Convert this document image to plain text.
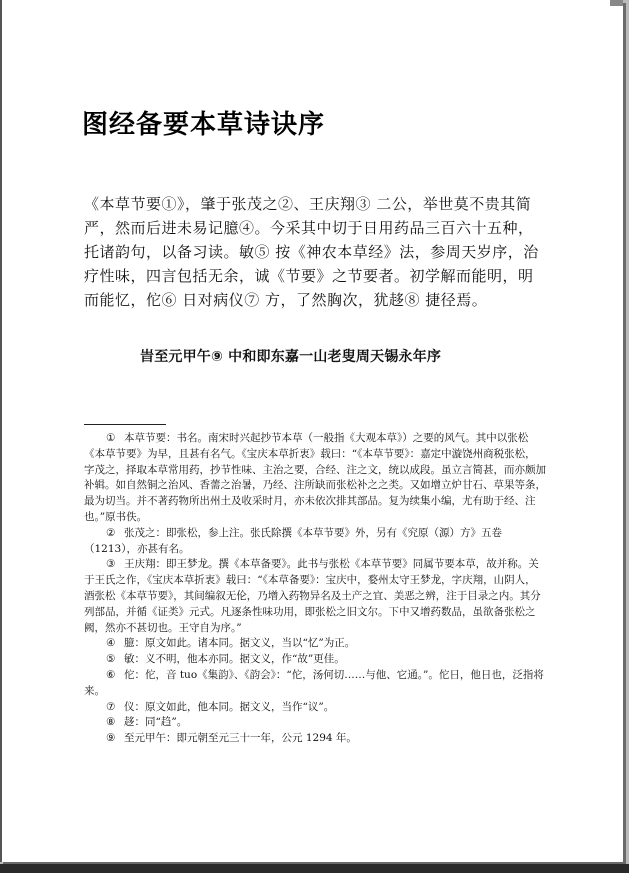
图经备要本草诗诀序

《本草节要①》，肇于张茂之②、王庆翔③ 二公，举世莫不贵其简严，然而后进未易记臆④。今采其中切于日用药品三百六十五种，托诸韵句，以备习读。敏⑤ 按《神农本草经》法，参周天岁序，治疗性味，四言包括无余，诚《节要》之节要者。初学解而能明，明而能忆，佗⑥ 日对病仪⑦ 方，了然胸次，犹趍⑧ 捷径焉。

旹至元甲午⑨ 中和即东嘉一山老叟周天锡永年序

① 本草节要：书名。南宋时兴起抄节本草（一般指《大观本草》）之要的风气。其中以张松《本草节要》为早，且甚有名气。《宝庆本草折衷》载曰：“《本草节要》：嘉定中漩饶州商税张松，字茂之，择取本草常用药，抄节性味、主治之要，合经、注之文，统以成段。虽立言简甚，而亦颇加补辑。如自然铜之治风、香薷之治暑，乃经、注所缺而张松补之之类。又如增立炉甘石、草果等条，最为切当。并不著药物所出州土及收采时月，亦未依次排其部品。复为续集小编，尤有助于经、注也。”原书佚。

② 张茂之：即张松，参上注。张氏除撰《本草节要》外，另有《究原（源）方》五卷（1213），亦甚有名。

③ 王庆翔：即王梦龙。撰《本草备要》。此书与张松《本草节要》同属节要本草，故并称。关于王氏之作，《宝庆本草折衷》载曰：“《本草备要》：宝庆中，婺州太守王梦龙，字庆翔，山阴人，酒张松《本草节要》，其间编叙无伦，乃增入药物异名及土产之宜、美恶之辨，注于目录之内。其分列部品，并循《证类》元式。凡逐条性味功用，即张松之旧文尔。下中又增药数品，虽欲备张松之阙，然亦不甚切也。王守自为序。”

④ 臆：原文如此。诸本同。据文义，当以“忆”为正。

⑤ 敏：义不明，他本亦同。据文义，作“故”更佳。

⑥ 佗：佗，音 tuo《集韵》、《韵会》：“佗，汤何切……与他、它通。”。佗日，他日也，泛指将来。

⑦ 仪：原文如此，他本同。据文义，当作“议”。

⑧ 趍：同“趋”。

⑨ 至元甲午：即元朝至元三十一年，公元 1294 年。
